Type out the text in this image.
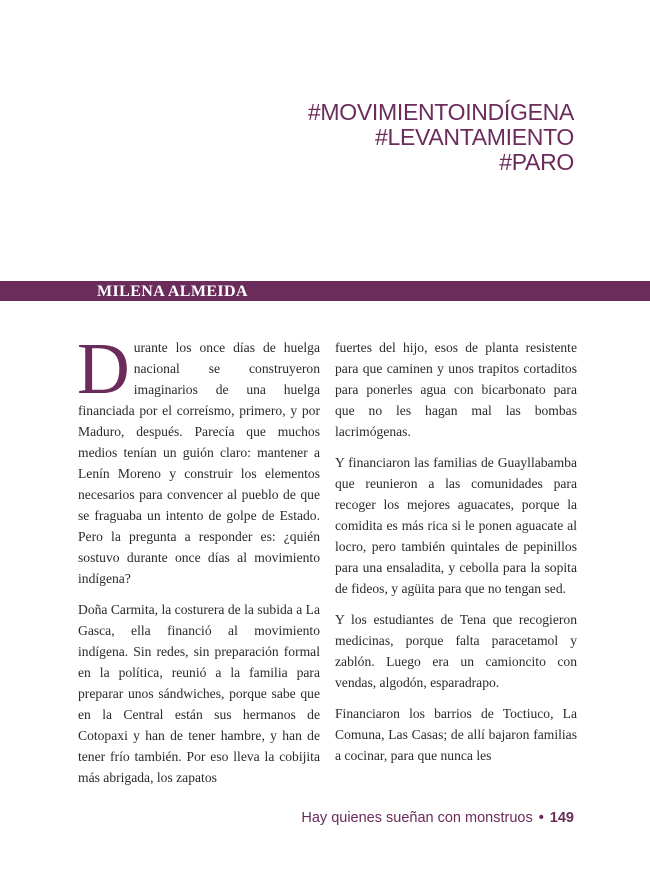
#MOVIMIENTOINDÍGENA
#LEVANTAMIENTO
#PARO
MILENA ALMEIDA

Durante los once días de huelga nacional se construyeron imaginarios de una huelga financiada por el correísmo, primero, y por Maduro, después. Parecía que muchos medios tenían un guión claro: mantener a Lenín Moreno y construir los elementos necesarios para convencer al pueblo de que se fraguaba un intento de golpe de Estado. Pero la pregunta a responder es: ¿quién sostuvo durante once días al movimiento indígena?

Doña Carmita, la costurera de la subida a La Gasca, ella financió al movimiento indígena. Sin redes, sin preparación formal en la política, reunió a la familia para preparar unos sándwiches, porque sabe que en la Central están sus hermanos de Cotopaxi y han de tener hambre, y han de tener frío también. Por eso lleva la cobijita más abrigada, los zapatos

fuertes del hijo, esos de planta resistente para que caminen y unos trapitos cortaditos para ponerles agua con bicarbonato para que no les hagan mal las bombas lacrimógenas.

Y financiaron las familias de Guayllabamba que reunieron a las comunidades para recoger los mejores aguacates, porque la comidita es más rica si le ponen aguacate al locro, pero también quintales de pepinillos para una ensaladita, y cebolla para la sopita de fideos, y agüita para que no tengan sed.

Y los estudiantes de Tena que recogieron medicinas, porque falta paracetamol y zablón. Luego era un camioncito con vendas, algodón, esparadrapo.

Financiaron los barrios de Toctiuco, La Comuna, Las Casas; de allí bajaron familias a cocinar, para que nunca les

Hay quienes sueñan con monstruos • 149
